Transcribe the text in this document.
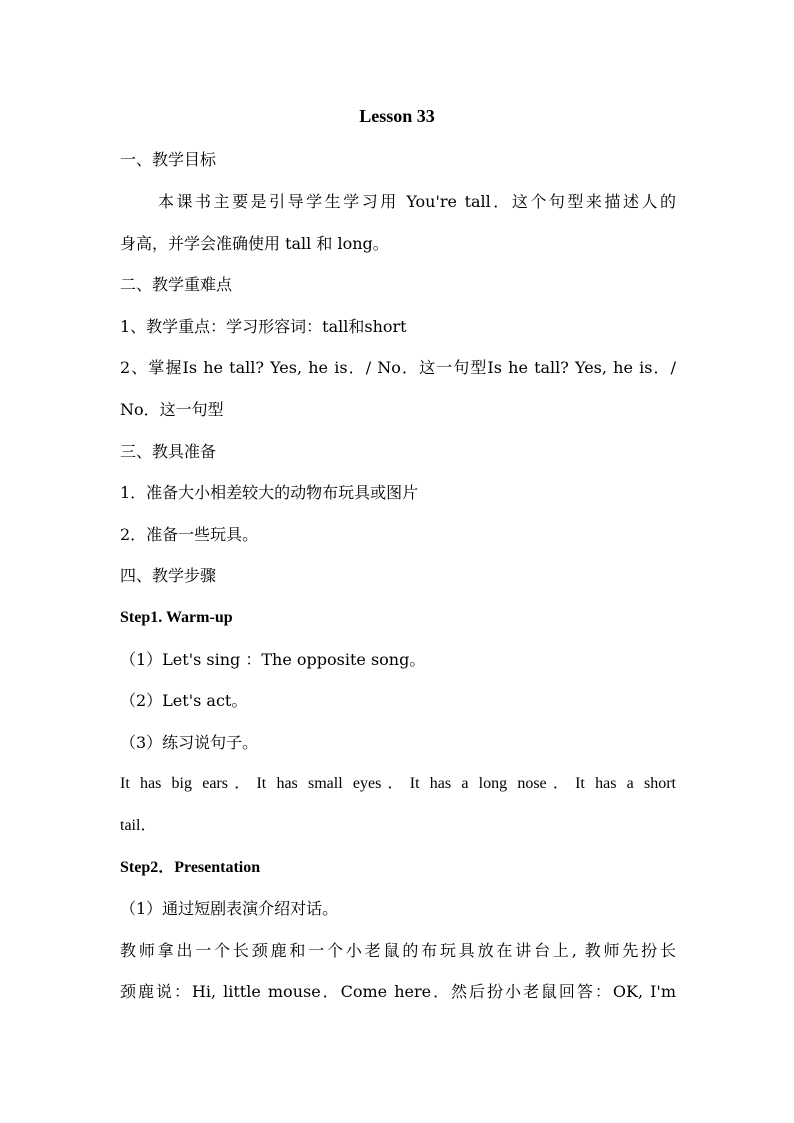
Lesson 33
一、教学目标
本课书主要是引导学生学习用 You're tall．这个句型来描述人的
身高，并学会准确使用 tall 和 long。
二、教学重难点
1、教学重点：学习形容词：tall和short
2、掌握Is he tall? Yes, he is．/ No．这一句型Is he tall? Yes, he is．/
No．这一句型
三、教具准备
1．准备大小相差较大的动物布玩具或图片
2．准备一些玩具。
四、教学步骤
Step1. Warm-up
（1）Let's sing ：The opposite song。
（2）Let's act。
（3）练习说句子。
It has big ears．It has small eyes．It has a long nose．It has a short
tail．
Step2．Presentation
（1）通过短剧表演介绍对话。
教师拿出一个长颈鹿和一个小老鼠的布玩具放在讲台上, 教师先扮长
颈鹿说：Hi, little mouse．Come here．然后扮小老鼠回答：OK, I'm
